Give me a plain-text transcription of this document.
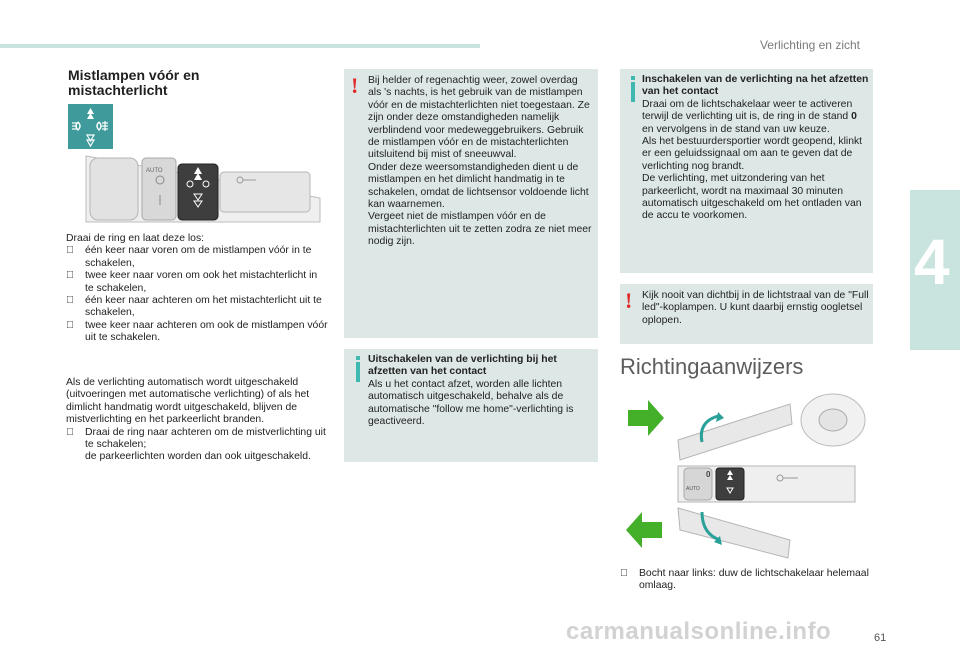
Verlichting en zicht
4
Mistlampen vóór en
mistachterlicht
AUTO
Draai de ring en laat deze los:
één keer naar voren om de mistlampen vóór in te schakelen,
twee keer naar voren om ook het mistachterlicht in te schakelen,
één keer naar achteren om het mistachterlicht uit te schakelen,
twee keer naar achteren om ook de mistlampen vóór uit te schakelen.
Als de verlichting automatisch wordt uitgeschakeld (uitvoeringen met automatische verlichting) of als het dimlicht handmatig wordt uitgeschakeld, blijven de mistverlichting en het parkeerlicht branden.
Draai de ring naar achteren om de mistverlichting uit te schakelen;
de parkeerlichten worden dan ook uitgeschakeld.
! Bij helder of regenachtig weer, zowel overdag als 's nachts, is het gebruik van de mistlampen vóór en de mistachterlichten niet toegestaan. Ze zijn onder deze omstandigheden namelijk verblindend voor medeweggebruikers. Gebruik de mistlampen vóór en de mistachterlichten uitsluitend bij mist of sneeuwval.
Onder deze weersomstandigheden dient u de mistlampen en het dimlicht handmatig in te schakelen, omdat de lichtsensor voldoende licht kan waarnemen.
Vergeet niet de mistlampen vóór en de mistachterlichten uit te zetten zodra ze niet meer nodig zijn.
Uitschakelen van de verlichting bij het afzetten van het contact
Als u het contact afzet, worden alle lichten automatisch uitgeschakeld, behalve als de automatische "follow me home"-verlichting is geactiveerd.
Inschakelen van de verlichting na het afzetten van het contact
Draai om de lichtschakelaar weer te activeren terwijl de verlichting uit is, de ring in de stand 0 en vervolgens in de stand van uw keuze.
Als het bestuurdersportier wordt geopend, klinkt er een geluidssignaal om aan te geven dat de verlichting nog brandt.
De verlichting, met uitzondering van het parkeerlicht, wordt na maximaal 30 minuten automatisch uitgeschakeld om het ontladen van de accu te voorkomen.
! Kijk nooit van dichtbij in de lichtstraal van de "Full led"-koplampen. U kunt daarbij ernstig oogletsel oplopen.
Richtingaanwijzers
0
AUTO
Bocht naar links: duw de lichtschakelaar helemaal omlaag.
carmanualsonline.info	61
